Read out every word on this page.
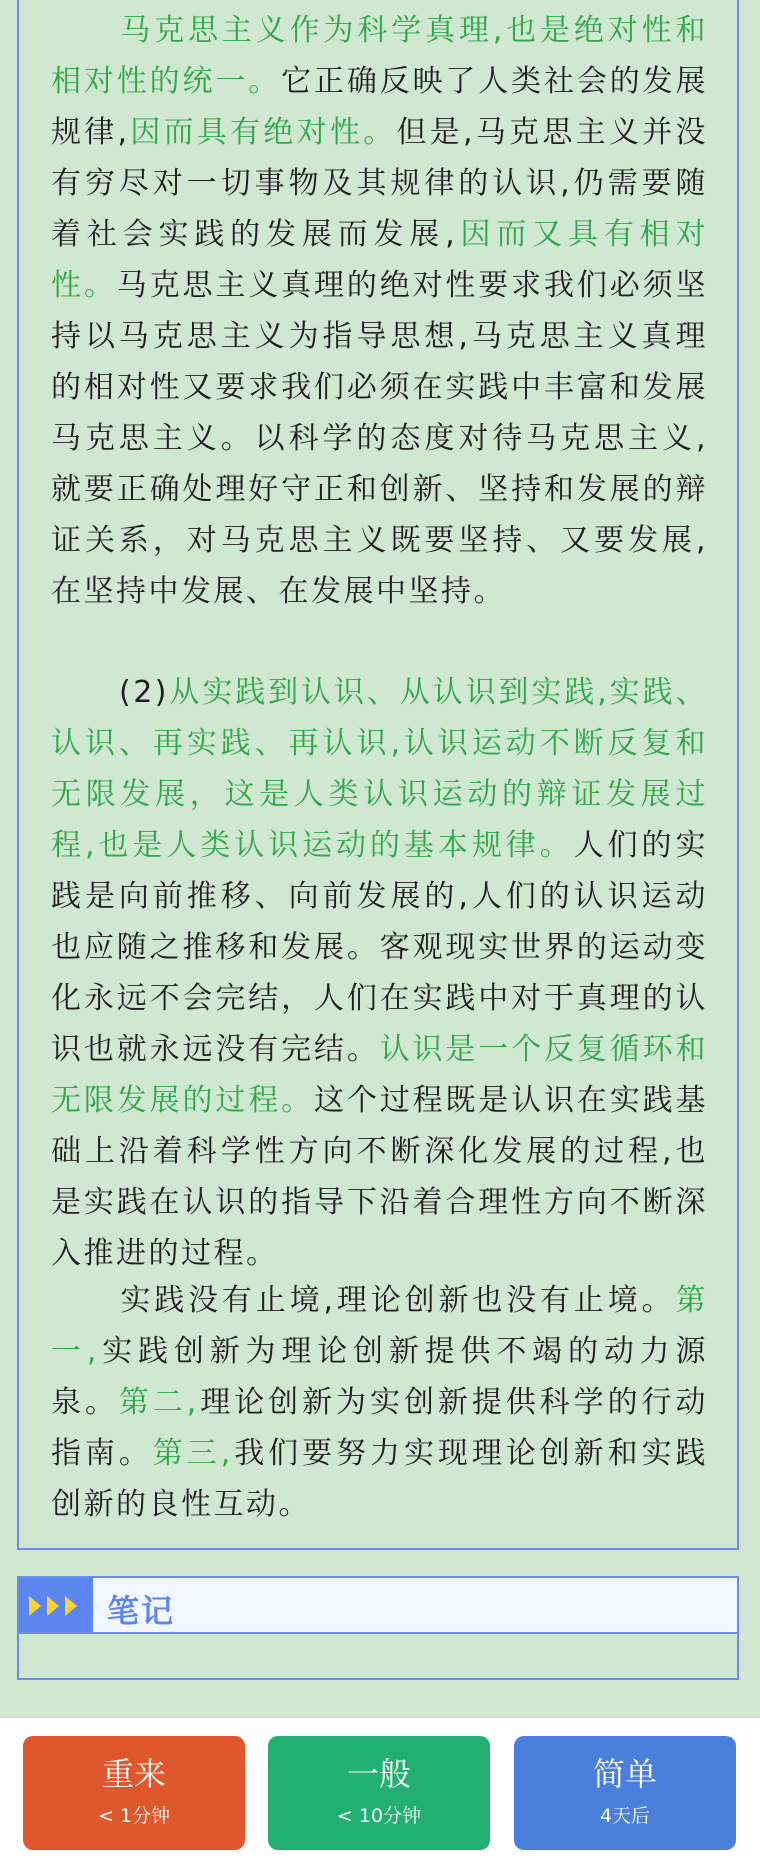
马克思主义作为科学真理,也是绝对性和相对性的统一。它正确反映了人类社会的发展规律,因而具有绝对性。但是,马克思主义并没有穷尽对一切事物及其规律的认识,仍需要随着社会实践的发展而发展,因而又具有相对性。马克思主义真理的绝对性要求我们必须坚持以马克思主义为指导思想,马克思主义真理的相对性又要求我们必须在实践中丰富和发展马克思主义。以科学的态度对待马克思主义,就要正确处理好守正和创新、坚持和发展的辩证关系，对马克思主义既要坚持、又要发展,在坚持中发展、在发展中坚持。
(2)从实践到认识、从认识到实践,实践、认识、再实践、再认识,认识运动不断反复和无限发展，这是人类认识运动的辩证发展过程,也是人类认识运动的基本规律。人们的实践是向前推移、向前发展的,人们的认识运动也应随之推移和发展。客观现实世界的运动变化永远不会完结，人们在实践中对于真理的认识也就永远没有完结。认识是一个反复循环和无限发展的过程。这个过程既是认识在实践基础上沿着科学性方向不断深化发展的过程,也是实践在认识的指导下沿着合理性方向不断深入推进的过程。
实践没有止境,理论创新也没有止境。第一,实践创新为理论创新提供不竭的动力源泉。第二,理论创新为实创新提供科学的行动指南。第三,我们要努力实现理论创新和实践创新的良性互动。
笔记
重来
< 1分钟
一般
< 10分钟
简单
4天后
